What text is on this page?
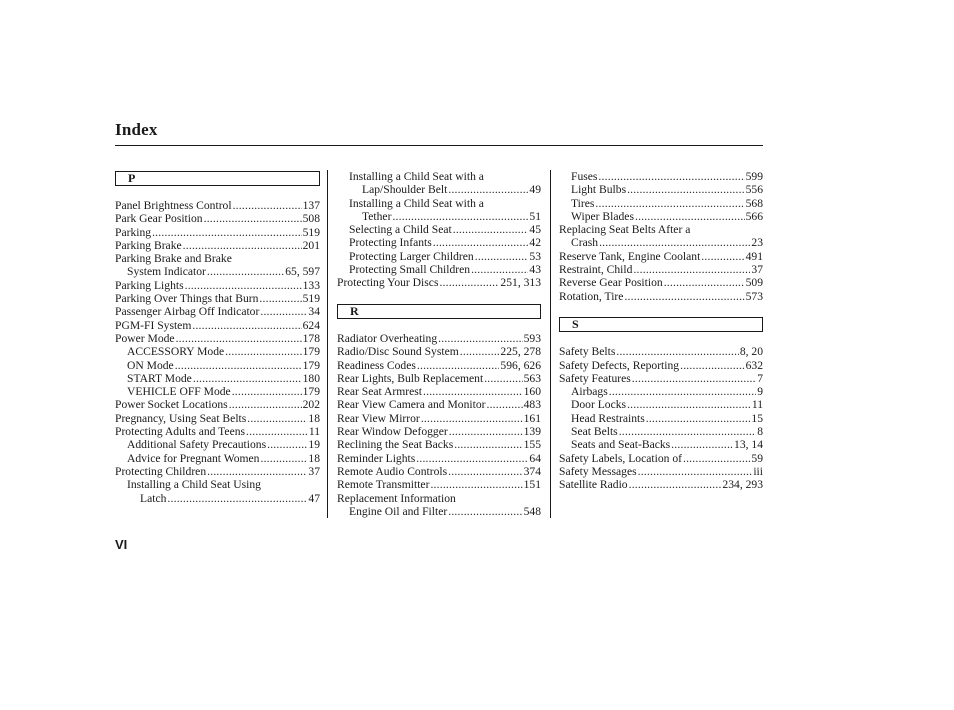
Index
P
Panel Brightness Control .....	137
Park Gear Position .....	508
Parking .....	519
Parking Brake .....	201
Parking Brake and Brake
System Indicator .....	65, 597
Parking Lights .....	133
Parking Over Things that Burn .....	519
Passenger Airbag Off Indicator .....	34
PGM-FI System .....	624
Power Mode .....	178
ACCESSORY Mode .....	179
ON Mode .....	179
START Mode .....	180
VEHICLE OFF Mode .....	179
Power Socket Locations .....	202
Pregnancy, Using Seat Belts .....	18
Protecting Adults and Teens .....	11
Additional Safety Precautions .....	19
Advice for Pregnant Women .....	18
Protecting Children .....	37
Installing a Child Seat Using
Latch .....	47
Installing a Child Seat with a
Lap/Shoulder Belt .....	49
Installing a Child Seat with a
Tether .....	51
Selecting a Child Seat .....	45
Protecting Infants .....	42
Protecting Larger Children .....	53
Protecting Small Children .....	43
Protecting Your Discs .....	251, 313
R
Radiator Overheating .....	593
Radio/Disc Sound System .....	225, 278
Readiness Codes .....	596, 626
Rear Lights, Bulb Replacement .....	563
Rear Seat Armrest .....	160
Rear View Camera and Monitor .....	483
Rear View Mirror .....	161
Rear Window Defogger .....	139
Reclining the Seat Backs .....	155
Reminder Lights .....	64
Remote Audio Controls .....	374
Remote Transmitter .....	151
Replacement Information
Engine Oil and Filter .....	548
Fuses .....	599
Light Bulbs .....	556
Tires .....	568
Wiper Blades .....	566
Replacing Seat Belts After a
Crash .....	23
Reserve Tank, Engine Coolant .....	491
Restraint, Child .....	37
Reverse Gear Position .....	509
Rotation, Tire .....	573
S
Safety Belts .....	8, 20
Safety Defects, Reporting .....	632
Safety Features .....	7
Airbags .....	9
Door Locks .....	11
Head Restraints .....	15
Seat Belts .....	8
Seats and Seat-Backs .....	13, 14
Safety Labels, Location of .....	59
Safety Messages .....	iii
Satellite Radio .....	234, 293
VI
